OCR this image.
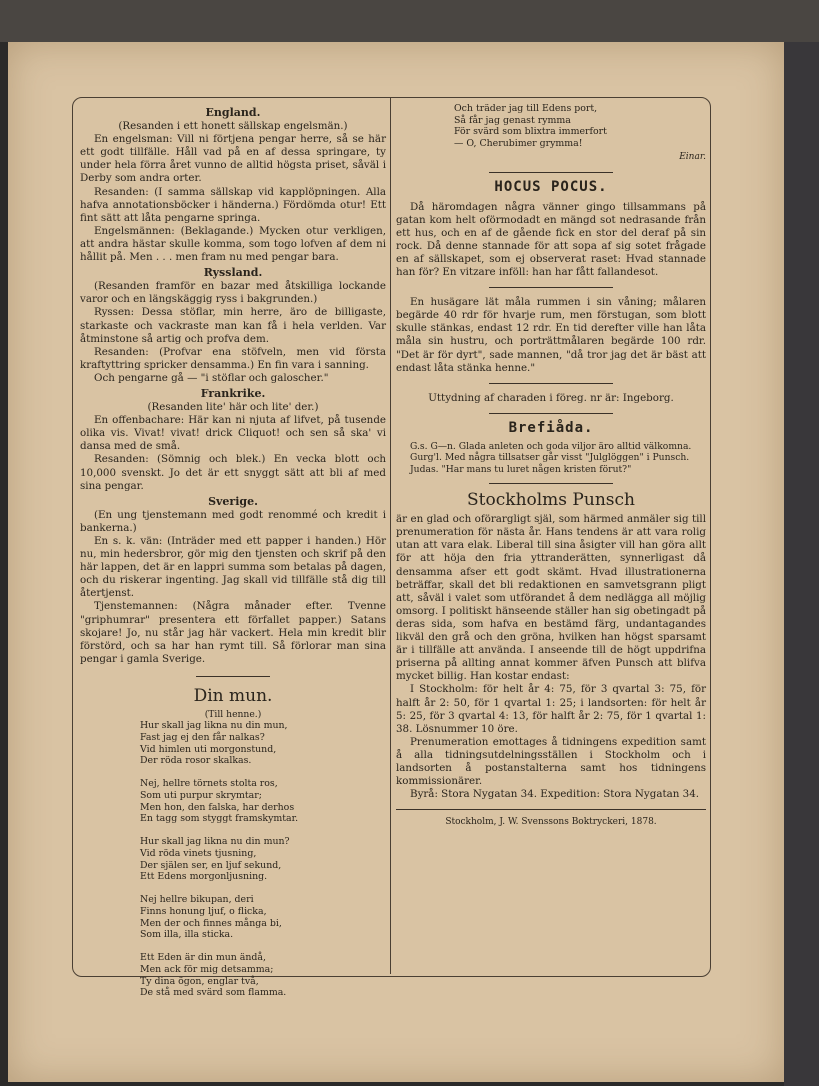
England.

(Resanden i ett honett sällskap engelsmän.)

En engelsman: Vill ni förtjena pengar herre, så se här ett godt tillfälle. Håll vad på en af dessa springare, ty under hela förra året vunno de alltid högsta priset, såväl i Derby som andra orter.

Resanden: (I samma sällskap vid kapplöpningen. Alla hafva annotationsböcker i händerna.) Fördömda otur! Ett fint sätt att låta pengarne springa.

Engelsmännen: (Beklagande.) Mycken otur verkligen, att andra hästar skulle komma, som togo lofven af dem ni hållit på. Men . . . men fram nu med pengar bara.

Ryssland.

(Resanden framför en bazar med åtskilliga lockande varor och en längskäggig ryss i bakgrunden.)

Ryssen: Dessa stöflar, min herre, äro de billigaste, starkaste och vackraste man kan få i hela verlden. Var åtminstone så artig och profva dem.

Resanden: (Profvar ena stöfveln, men vid första kraftyttring spricker densamma.) En fin vara i sanning.

Och pengarne gå — "i stöflar och galoscher."

Frankrike.

(Resanden lite' här och lite' der.)

En offenbachare: Här kan ni njuta af lifvet, på tusende olika vis. Vivat! vivat! drick Cliquot! och sen så ska' vi dansa med de små.

Resanden: (Sömnig och blek.) En vecka blott och 10,000 svenskt. Jo det är ett snyggt sätt att bli af med sina pengar.

Sverige.

(En ung tjenstemann med godt renommé och kredit i bankerna.)

En s. k. vän: (Inträder med ett papper i handen.) Hör nu, min hedersbror, gör mig den tjensten och skrif på den här lappen, det är en lappri summa som betalas på dagen, och du riskerar ingenting. Jag skall vid tillfälle stå dig till återtjenst.

Tjenstemannen: (Några månader efter. Tvenne "griphumrar" presentera ett förfallet papper.) Satans skojare! Jo, nu står jag här vackert. Hela min kredit blir förstörd, och sa har han rymt till. Så förlorar man sina pengar i gamla Sverige.

Din mun.
(Till henne.)
Hur skall jag likna nu din mun,
Fast jag ej den får nalkas?
Vid himlen uti morgonstund,
Der röda rosor skalkas.

Nej, hellre törnets stolta ros,
Som uti purpur skrymtar;
Men hon, den falska, har derhos
En tagg som styggt framskymtar.

Hur skall jag likna nu din mun?
Vid röda vinets tjusning,
Der själen ser, en ljuf sekund,
Ett Edens morgonljusning.

Nej hellre bikupan, deri
Finns honung ljuf, o flicka,
Men der och finnes många bi,
Som illa, illa sticka.

Ett Eden är din mun ändå,
Men ack för mig detsamma;
Ty dina ögon, englar två,
De stå med svärd som flamma.
Och träder jag till Edens port,
Så får jag genast rymma
För svärd som blixtra immerfort
— O, Cherubimer grymma!
Einar.
HOCUS POCUS.

Då häromdagen några vänner gingo tillsammans på gatan kom helt oförmodadt en mängd sot nedrasande från ett hus, och en af de gående fick en stor del deraf på sin rock. Då denne stannade för att sopa af sig sotet frågade en af sällskapet, som ej observerat raset: Hvad stannade han för? En vitzare inföll: han har fått fallandesot.

En husägare lät måla rummen i sin våning; målaren begärde 40 rdr för hvarje rum, men förstugan, som blott skulle stänkas, endast 12 rdr. En tid derefter ville han låta måla sin hustru, och porträttmålaren begärde 100 rdr. "Det är för dyrt", sade mannen, "då tror jag det är bäst att endast låta stänka henne."

Uttydning af charaden i föreg. nr är: Ingeborg.

Brefiåda.

G.s. G—n. Glada anleten och goda viljor äro alltid välkomna.

Gurg'l. Med några tillsatser går visst "Julglöggen" i Punsch.

Judas. "Har mans tu luret någen kristen förut?"

Stockholms Punsch

är en glad och oförargligt själ, som härmed anmäler sig till prenumeration för nästa år. Hans tendens är att vara rolig utan att vara elak. Liberal till sina åsigter vill han göra allt för att höja den fria yttranderätten, synnerligast då densamma afser ett godt skämt. Hvad illustrationerna beträffar, skall det bli redaktionen en samvetsgrann pligt att, såväl i valet som utförandet å dem nedlägga all möjlig omsorg. I politiskt hänseende ställer han sig obetingadt på deras sida, som hafva en bestämd färg, undantagandes likväl den grå och den gröna, hvilken han högst sparsamt är i tillfälle att använda. I anseende till de högt uppdrifna priserna på allting annat kommer äfven Punsch att blifva mycket billig. Han kostar endast:

I Stockholm: för helt år 4: 75, för 3 qvartal 3: 75, för halft år 2: 50, för 1 qvartal 1: 25; i landsorten: för helt år 5: 25, för 3 qvartal 4: 13, för halft år 2: 75, för 1 qvartal 1: 38. Lösnummer 10 öre.

Prenumeration emottages å tidningens expedition samt å alla tidningsutdelningsställen i Stockholm och i landsorten å postanstalterna samt hos tidningens kommissionärer.

Byrå: Stora Nygatan 34. Expedition: Stora Nygatan 34.

Stockholm, J. W. Svenssons Boktryckeri, 1878.
